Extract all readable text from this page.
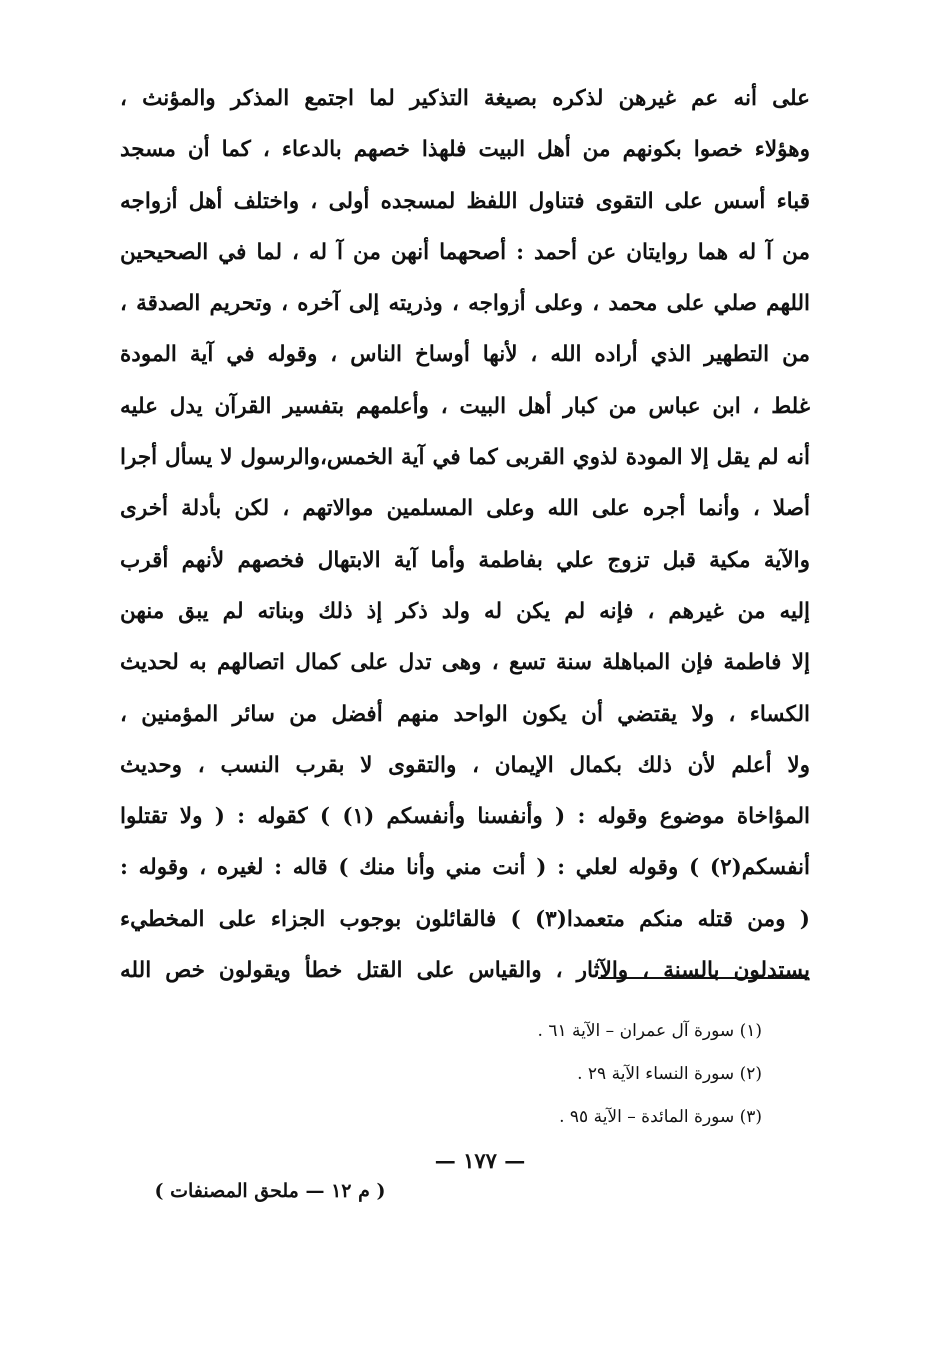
على أنه عم غيرهن لذكره بصيغة التذكير لما اجتمع المذكر والمؤنث ،
وهؤلاء خصوا بكونهم من أهل البيت فلهذا خصهم بالدعاء ، كما أن مسجد
قباء أسس على التقوى فتناول اللفظ لمسجده أولى ، واختلف أهل أزواجه
من آ له هما روايتان عن أحمد : أصحهما أنهن من آ له ، لما في الصحيحين
اللهم صلي على محمد ، وعلى أزواجه ، وذريته إلى آخره ، وتحريم الصدقة ،
من التطهير الذي أراده الله ، لأنها أوساخ الناس ، وقوله في آية المودة
غلط ، ابن عباس من كبار أهل البيت ، وأعلمهم بتفسير القرآن يدل عليه
أنه لم يقل إلا المودة لذوي القربى كما في آية الخمس،والرسول لا يسأل أجرا
أصلا ، وأنما أجره على الله وعلى المسلمين موالاتهم ، لكن بأدلة أخرى
والآية مكية قبل تزوج علي بفاطمة وأما آية الابتهال فخصهم لأنهم أقرب
إليه من غيرهم ، فإنه لم يكن له ولد ذكر إذ ذلك وبناته لم يبق منهن
إلا فاطمة فإن المباهلة سنة تسع ، وهى تدل على كمال اتصالهم به لحديث
الكساء ، ولا يقتضي أن يكون الواحد منهم أفضل من سائر المؤمنين ،
ولا أعلم لأن ذلك بكمال الإيمان ، والتقوى لا بقرب النسب ، وحديث
المؤاخاة موضوع وقوله : ( وأنفسنا وأنفسكم (١) ) كقوله : ( ولا تقتلوا
أنفسكم(٢) ) وقوله لعلي : ( أنت مني وأنا منك ) قاله : لغيره ، وقوله :
( ومن قتله منكم متعمدا(٣) ) فالقائلون بوجوب الجزاء على المخطيء
يستدلون بالسنة ، والآثار ، والقياس على القتل خطأ ويقولون خص الله
(١) سورة آل عمران – الآية ٦١ .
(٢) سورة النساء الآية ٢٩ .
(٣) سورة المائدة – الآية ٩٥ .
— ١٧٧ —
( م ١٢ — ملحق المصنفات )
